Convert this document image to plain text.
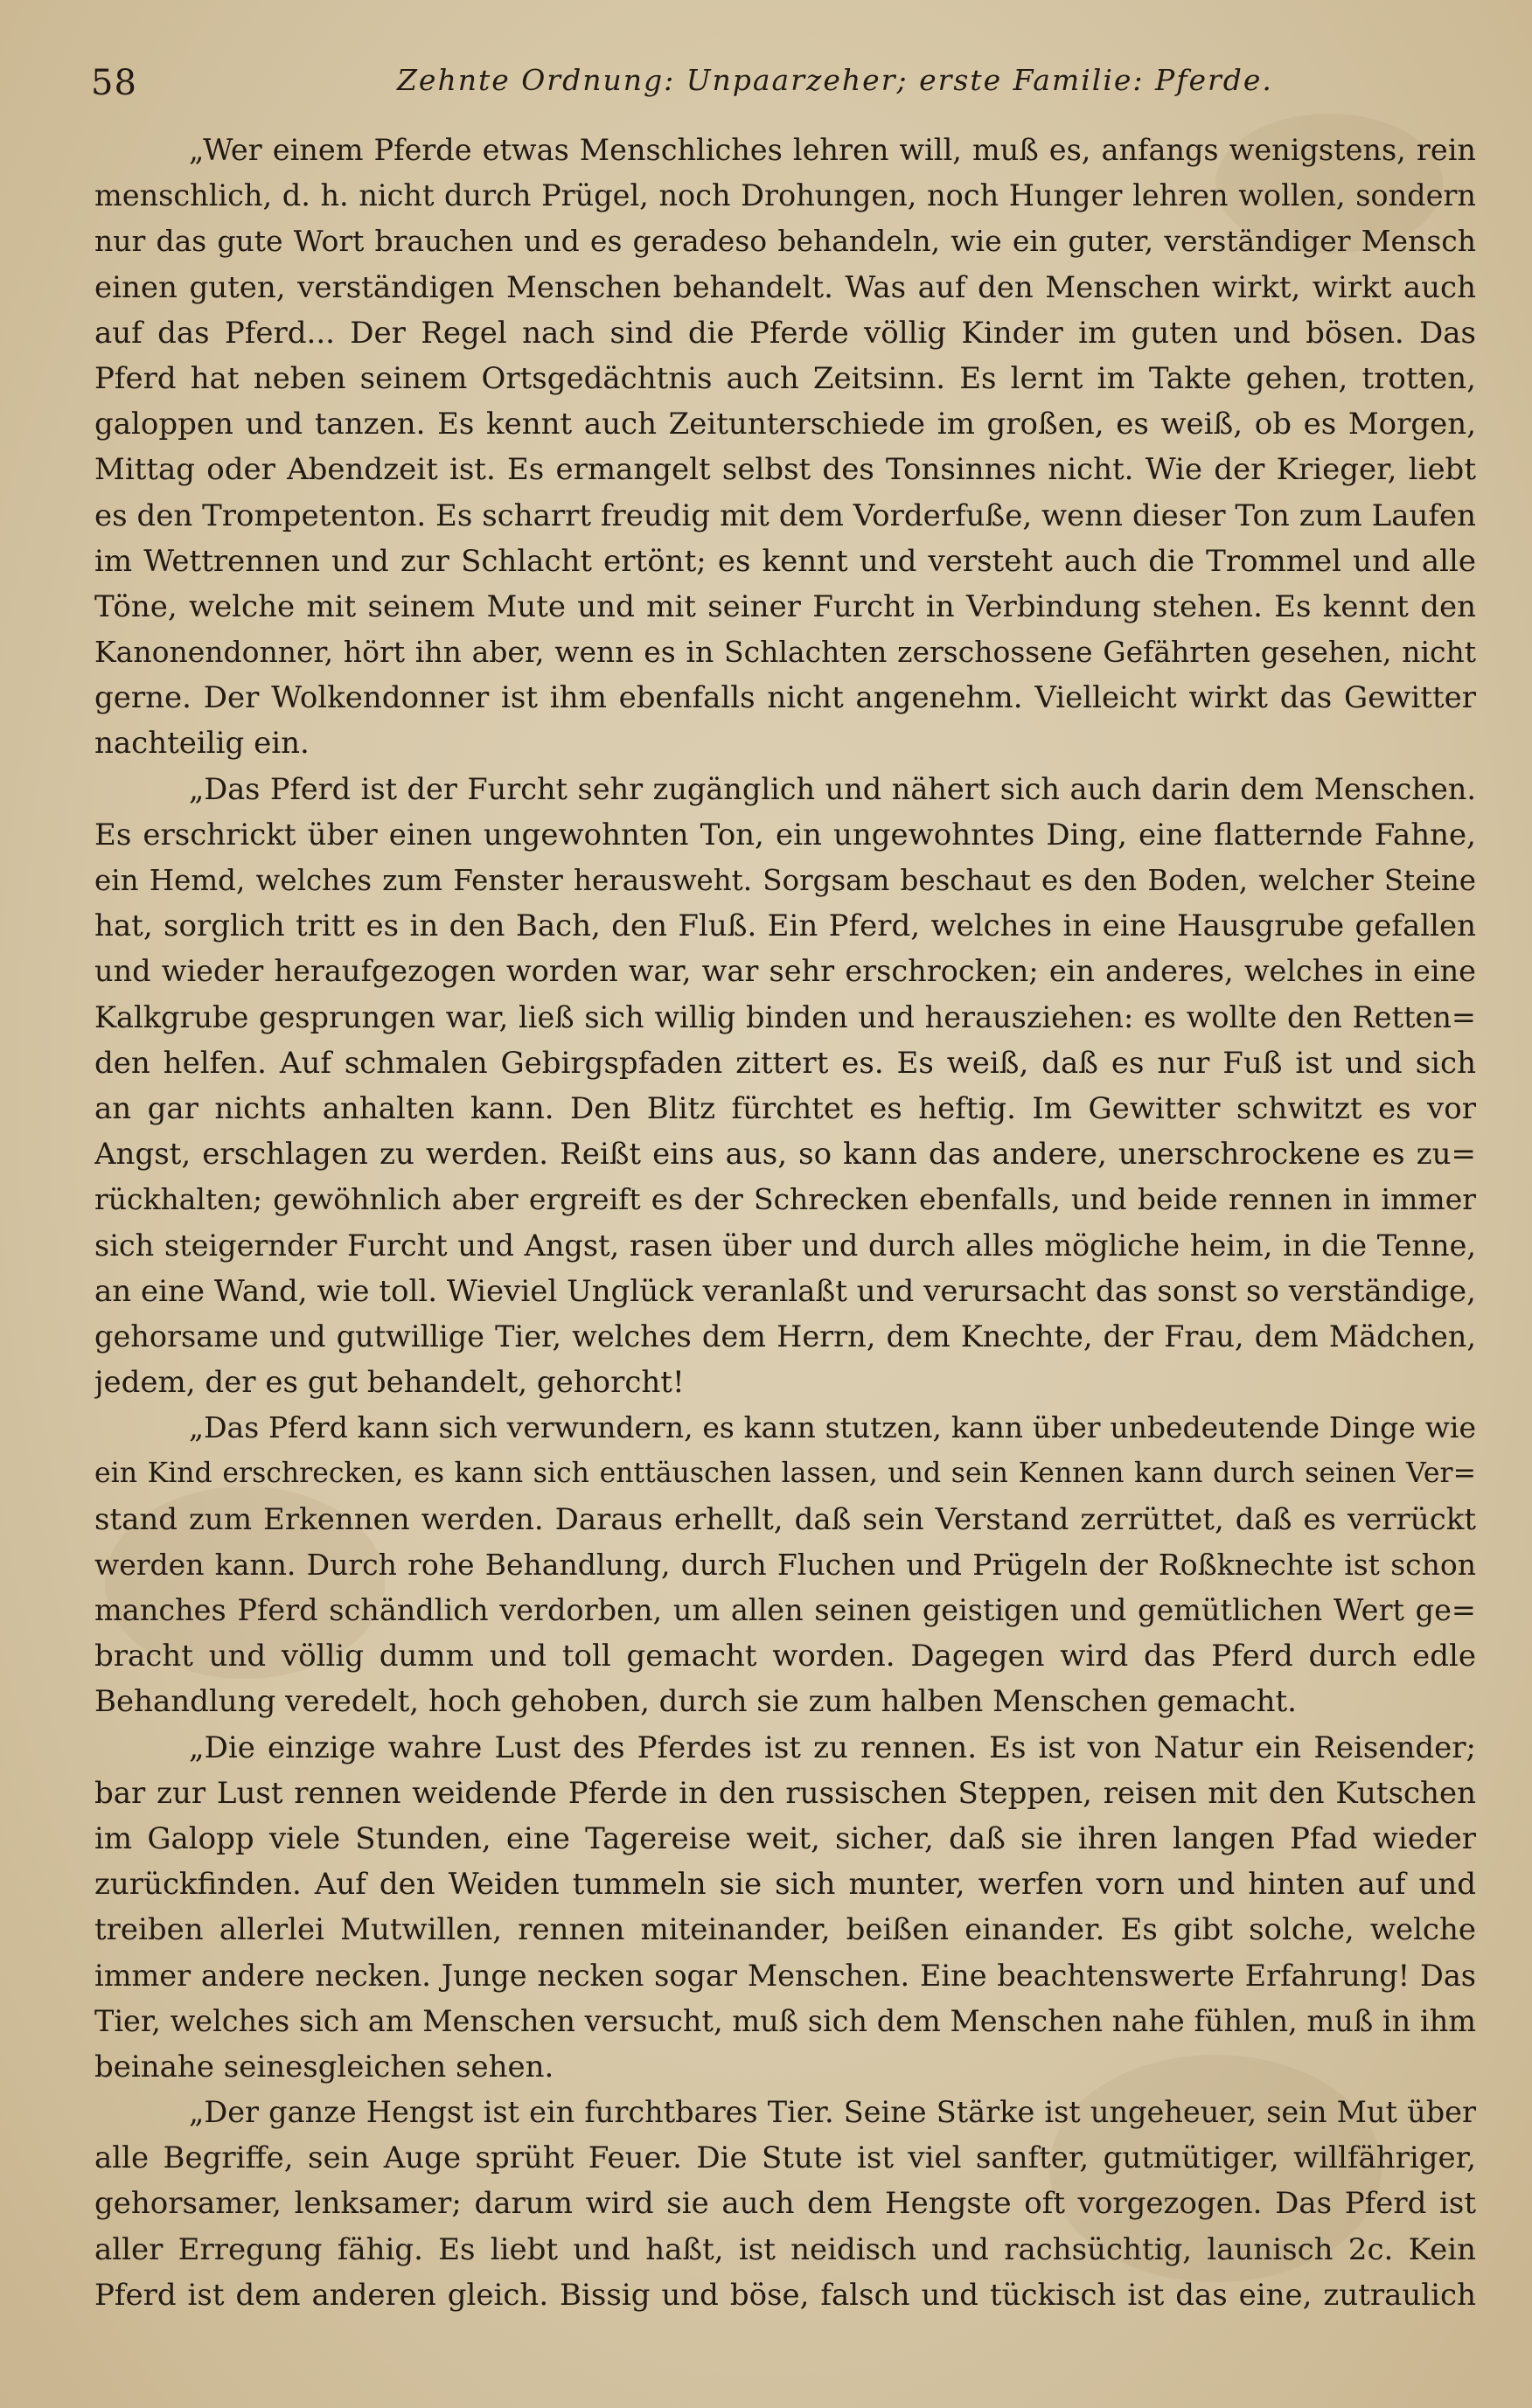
58	Zehnte Ordnung: Unpaarzeher; erste Familie: Pferde.
„Wer einem Pferde etwas Menschliches lehren will, muß es, anfangs wenigstens, rein
menschlich, d. h. nicht durch Prügel, noch Drohungen, noch Hunger lehren wollen, sondern
nur das gute Wort brauchen und es geradeso behandeln, wie ein guter, verständiger Mensch
einen guten, verständigen Menschen behandelt. Was auf den Menschen wirkt, wirkt auch
auf das Pferd... Der Regel nach sind die Pferde völlig Kinder im guten und bösen. Das
Pferd hat neben seinem Ortsgedächtnis auch Zeitsinn. Es lernt im Takte gehen, trotten,
galoppen und tanzen. Es kennt auch Zeitunterschiede im großen, es weiß, ob es Morgen,
Mittag oder Abendzeit ist. Es ermangelt selbst des Tonsinnes nicht. Wie der Krieger, liebt
es den Trompetenton. Es scharrt freudig mit dem Vorderfuße, wenn dieser Ton zum Laufen
im Wettrennen und zur Schlacht ertönt; es kennt und versteht auch die Trommel und alle
Töne, welche mit seinem Mute und mit seiner Furcht in Verbindung stehen. Es kennt den
Kanonendonner, hört ihn aber, wenn es in Schlachten zerschossene Gefährten gesehen, nicht
gerne. Der Wolkendonner ist ihm ebenfalls nicht angenehm. Vielleicht wirkt das Gewitter
nachteilig ein.
„Das Pferd ist der Furcht sehr zugänglich und nähert sich auch darin dem Menschen.
Es erschrickt über einen ungewohnten Ton, ein ungewohntes Ding, eine flatternde Fahne,
ein Hemd, welches zum Fenster herausweht. Sorgsam beschaut es den Boden, welcher Steine
hat, sorglich tritt es in den Bach, den Fluß. Ein Pferd, welches in eine Hausgrube gefallen
und wieder heraufgezogen worden war, war sehr erschrocken; ein anderes, welches in eine
Kalkgrube gesprungen war, ließ sich willig binden und herausziehen: es wollte den Retten=
den helfen. Auf schmalen Gebirgspfaden zittert es. Es weiß, daß es nur Fuß ist und sich
an gar nichts anhalten kann. Den Blitz fürchtet es heftig. Im Gewitter schwitzt es vor
Angst, erschlagen zu werden. Reißt eins aus, so kann das andere, unerschrockene es zu=
rückhalten; gewöhnlich aber ergreift es der Schrecken ebenfalls, und beide rennen in immer
sich steigernder Furcht und Angst, rasen über und durch alles mögliche heim, in die Tenne,
an eine Wand, wie toll. Wieviel Unglück veranlaßt und verursacht das sonst so verständige,
gehorsame und gutwillige Tier, welches dem Herrn, dem Knechte, der Frau, dem Mädchen,
jedem, der es gut behandelt, gehorcht!
„Das Pferd kann sich verwundern, es kann stutzen, kann über unbedeutende Dinge wie
ein Kind erschrecken, es kann sich enttäuschen lassen, und sein Kennen kann durch seinen Ver=
stand zum Erkennen werden. Daraus erhellt, daß sein Verstand zerrüttet, daß es verrückt
werden kann. Durch rohe Behandlung, durch Fluchen und Prügeln der Roßknechte ist schon
manches Pferd schändlich verdorben, um allen seinen geistigen und gemütlichen Wert ge=
bracht und völlig dumm und toll gemacht worden. Dagegen wird das Pferd durch edle
Behandlung veredelt, hoch gehoben, durch sie zum halben Menschen gemacht.
„Die einzige wahre Lust des Pferdes ist zu rennen. Es ist von Natur ein Reisender;
bar zur Lust rennen weidende Pferde in den russischen Steppen, reisen mit den Kutschen
im Galopp viele Stunden, eine Tagereise weit, sicher, daß sie ihren langen Pfad wieder
zurückfinden. Auf den Weiden tummeln sie sich munter, werfen vorn und hinten auf und
treiben allerlei Mutwillen, rennen miteinander, beißen einander. Es gibt solche, welche
immer andere necken. Junge necken sogar Menschen. Eine beachtenswerte Erfahrung! Das
Tier, welches sich am Menschen versucht, muß sich dem Menschen nahe fühlen, muß in ihm
beinahe seinesgleichen sehen.
„Der ganze Hengst ist ein furchtbares Tier. Seine Stärke ist ungeheuer, sein Mut über
alle Begriffe, sein Auge sprüht Feuer. Die Stute ist viel sanfter, gutmütiger, willfähriger,
gehorsamer, lenksamer; darum wird sie auch dem Hengste oft vorgezogen. Das Pferd ist
aller Erregung fähig. Es liebt und haßt, ist neidisch und rachsüchtig, launisch 2c. Kein
Pferd ist dem anderen gleich. Bissig und böse, falsch und tückisch ist das eine, zutraulich
